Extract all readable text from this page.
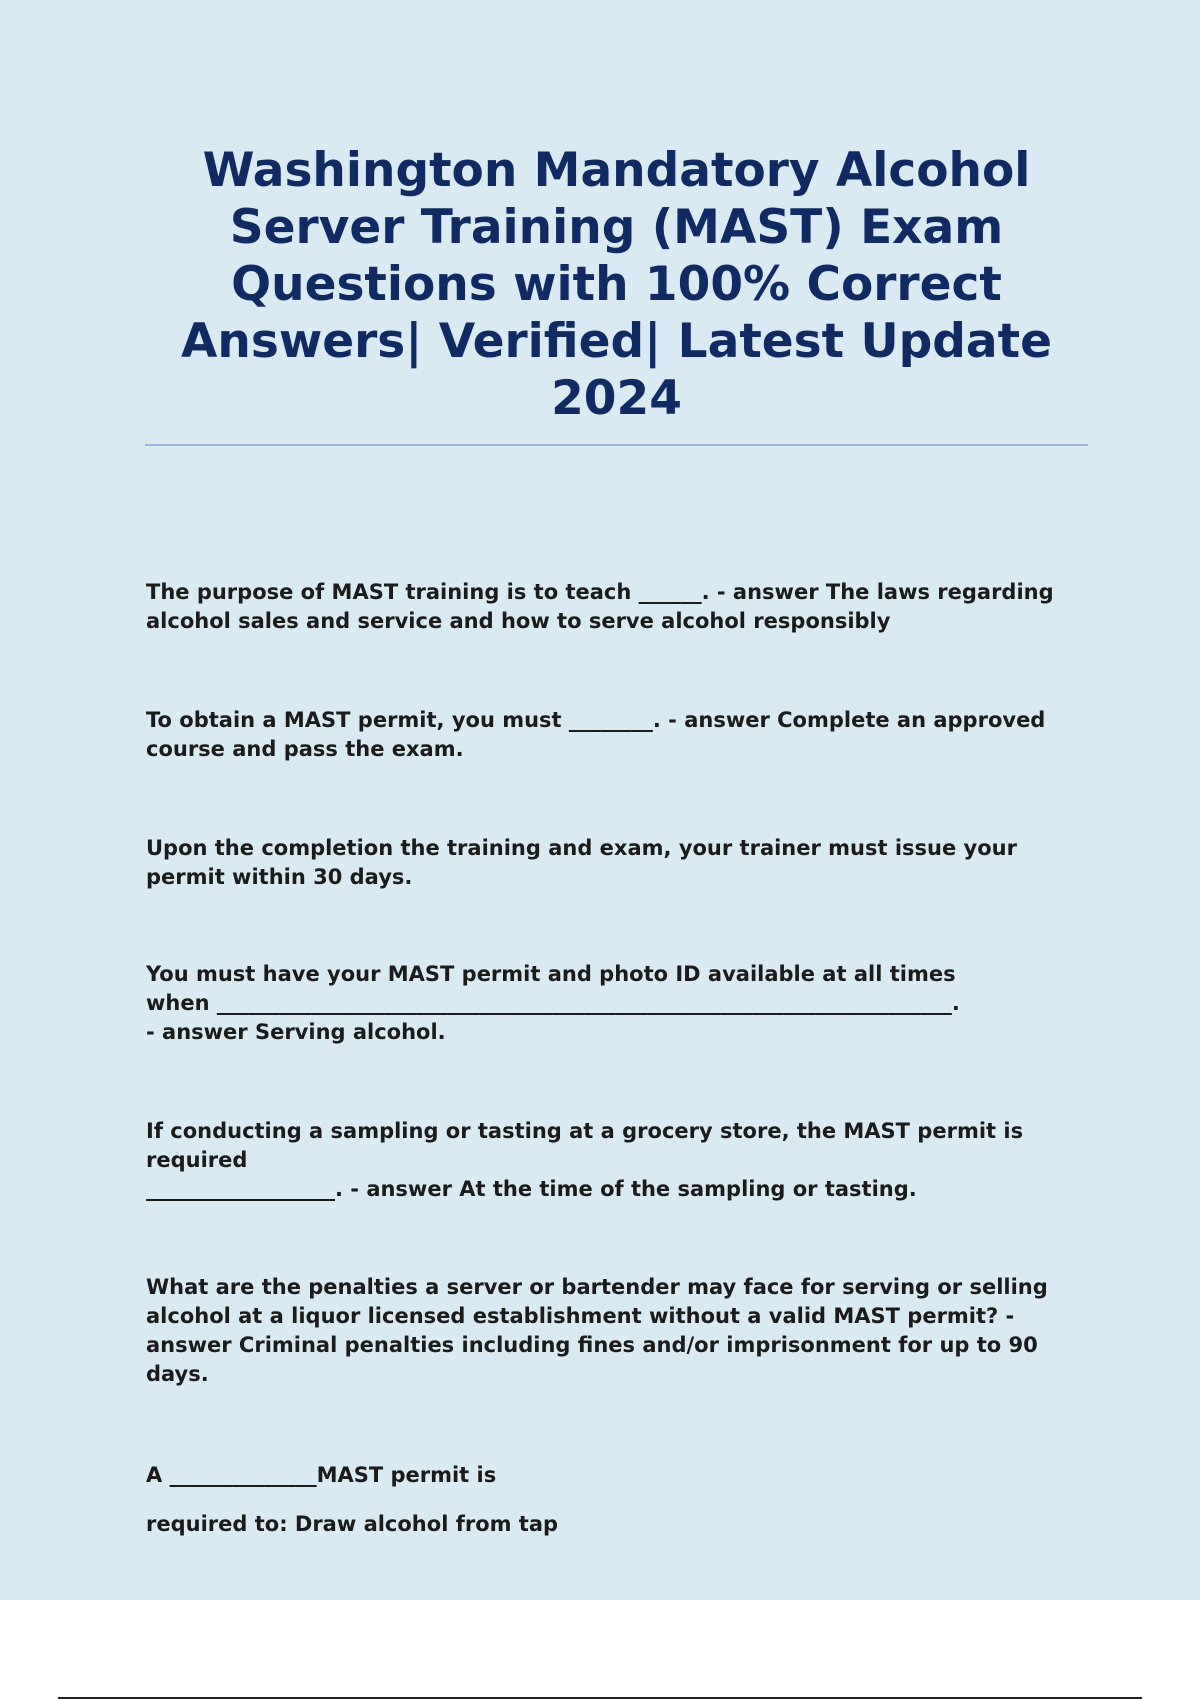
Washington Mandatory Alcohol Server Training (MAST) Exam Questions with 100% Correct Answers| Verified| Latest Update 2024

The purpose of MAST training is to teach ______. - answer The laws regarding alcohol sales and service and how to serve alcohol responsibly

To obtain a MAST permit, you must ________. - answer Complete an approved course and pass the exam.

Upon the completion the training and exam, your trainer must issue your permit within 30 days.

You must have your MAST permit and photo ID available at all times
when ______________________________________________________________________.
- answer Serving alcohol.
If conducting a sampling or tasting at a grocery store, the MAST permit is required
__________________. - answer At the time of the sampling or tasting.

What are the penalties a server or bartender may face for serving or selling alcohol at a liquor licensed establishment without a valid MAST permit? - answer Criminal penalties including fines and/or imprisonment for up to 90 days.

A ______________MAST permit is
required to: Draw alcohol from tap
